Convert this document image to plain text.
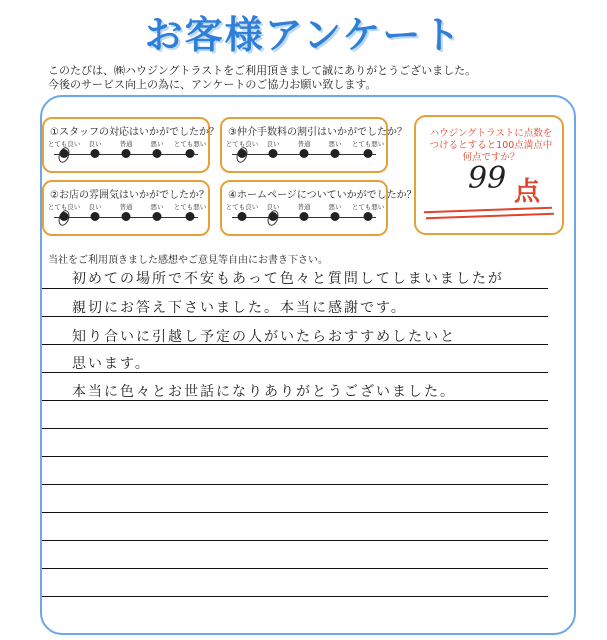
お客様アンケート
このたびは、㈱ハウジングトラストをご利用頂きまして誠にありがとうございました。
今後のサービス向上の為に、アンケートのご協力お願い致します。
①スタッフの対応はいかがでしたか？
とても良い 良い	普通	悪い とても悪い
③仲介手数料の割引はいかがでしたか？
とても良い 良い	普通	悪い とても悪い
②お店の雰囲気はいかがでしたか？
とても良い 良い	普通	悪い とても悪い
④ホームページについていかがでしたか？
とても良い 良い	普通	悪い とても悪い
ハウジングトラストに点数を
つけるとすると100点満点中
何点ですか？
99 点
当社をご利用頂きました感想やご意見等自由にお書き下さい。
初めての場所で不安もあって色々と質問してしまいましたが
親切にお答え下さいました。本当に感謝です。
知り合いに引越し予定の人がいたらおすすめしたいと
思います。
本当に色々とお世話になりありがとうございました。
